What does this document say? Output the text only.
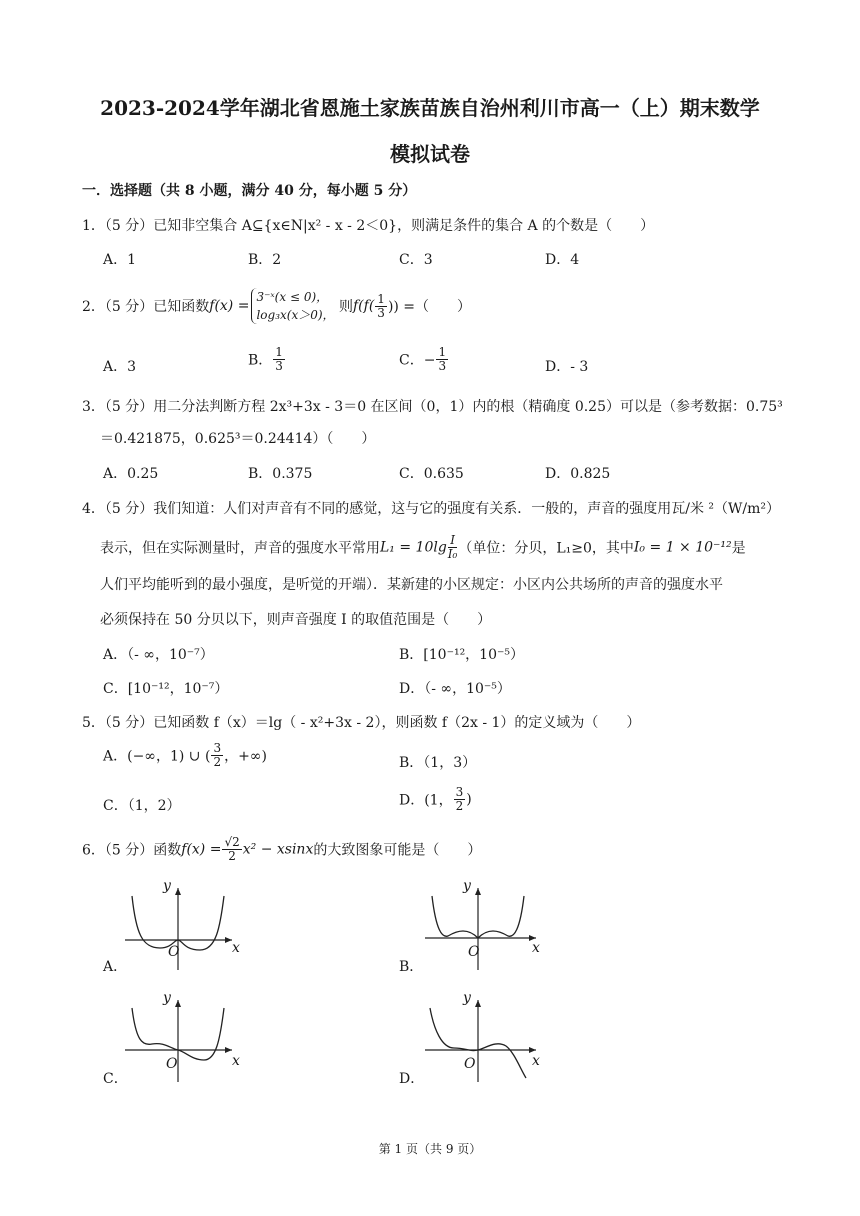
2023-2024学年湖北省恩施土家族苗族自治州利川市高一（上）期末数学
模拟试卷
一．选择题（共 8 小题，满分 40 分，每小题 5 分）
1．（5 分）已知非空集合 A⊆{x∈N|x² - x - 2＜0}，则满足条件的集合 A 的个数是（　　）
A．1	B．2	C．3	D．4
2．（5 分）已知函数f(x) =
3⁻ˣ(x ≤ 0)，
log₃x(x＞0)， 则$f(f( \frac{1}{3}$ )) =（　　）
A．3	B． $\frac{1}{3}$	C．− $\frac{1}{3}$	D．- 3
3．（5 分）用二分法判断方程 2x³+3x - 3＝0 在区间（0，1）内的根（精确度 0.25）可以是（参考数据：0.75³
＝0.421875，0.625³＝0.24414）（　　）
A．0.25	B．0.375	C．0.635	D．0.825
4．（5 分）我们知道：人们对声音有不同的感觉，这与它的强度有关系．一般的，声音的强度用瓦/米 ²（W/m²）
表示，但在实际测量时，声音的强度水平常用$L_1 = 10\lg \frac{I}{\text{I₀}}$ （单位：分贝，L₁≥0，其中I₀ = 1 × 10⁻¹²是
人们平均能听到的最小强度，是听觉的开端）．某新建的小区规定：小区内公共场所的声音的强度水平
必须保持在 50 分贝以下，则声音强度 I 的取值范围是（　　）
A．（- ∞，10⁻⁷）	B．[10⁻¹²，10⁻⁵）
C．[10⁻¹²，10⁻⁷）	D．（- ∞，10⁻⁵）
5．（5 分）已知函数 f（x）＝lg（ - x²+3x - 2），则函数 f（2x - 1）的定义域为（　　）
A．(−∞，1) ∪ ( $\frac{3}{2}$ ，+∞)	B．（1，3）
C．（1，2）	D．(1， $\frac{3}{2}$ )
6．（5 分）函数$f(x) = \frac{√2}{2} x^2 - xsinx$的大致图象可能是（　　）
A．
y
x
O
B．
y
x
O
C．
y
x
O
D．
y
x
O
第 1 页（共 9 页）
